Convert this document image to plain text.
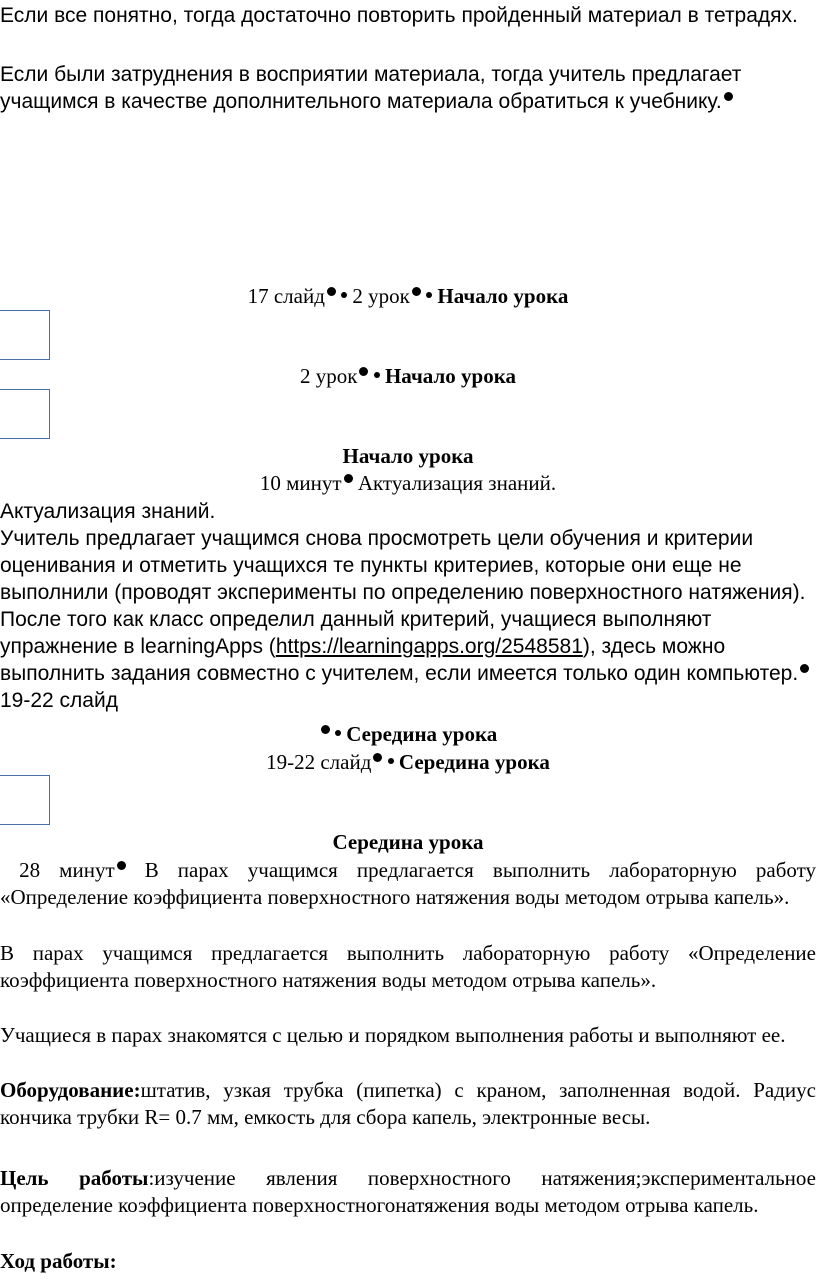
Если все понятно, тогда достаточно повторить пройденный материал в тетрадях.
Если были затруднения в восприятии материала, тогда учитель предлагает учащимся в качестве дополнительного материала обратиться к учебнику.
17 слайд 2 урок Начало урока
2 урок Начало урока
Начало урока
10 минут Актуализация знаний.
Актуализация знаний.
Учитель предлагает учащимся снова просмотреть цели обучения и критерии оценивания и отметить учащихся те пункты критериев, которые они еще не выполнили (проводят эксперименты по определению поверхностного натяжения). После того как класс определил данный критерий, учащиеся выполняют упражнение в learningApps (https://learningapps.org/2548581), здесь можно выполнить задания совместно с учителем, если имеется только один компьютер. 19-22 слайд
Середина урока
19-22 слайд Середина урока
Середина урока
28 минут В парах учащимся предлагается выполнить лабораторную работу «Определение коэффициента поверхностного натяжения воды методом отрыва капель».
В парах учащимся предлагается выполнить лабораторную работу «Определение коэффициента поверхностного натяжения воды методом отрыва капель».
Учащиеся в парах знакомятся с целью и порядком выполнения работы и выполняют ее.
Оборудование:штатив, узкая трубка (пипетка) с краном, заполненная водой. Радиус кончика трубки R= 0.7 мм, емкость для сбора капель, электронные весы.
Цель работы:изучение явления поверхностного натяжения;экспериментальное определение коэффициента поверхностногонатяжения воды методом отрыва капель.
Ход работы:
